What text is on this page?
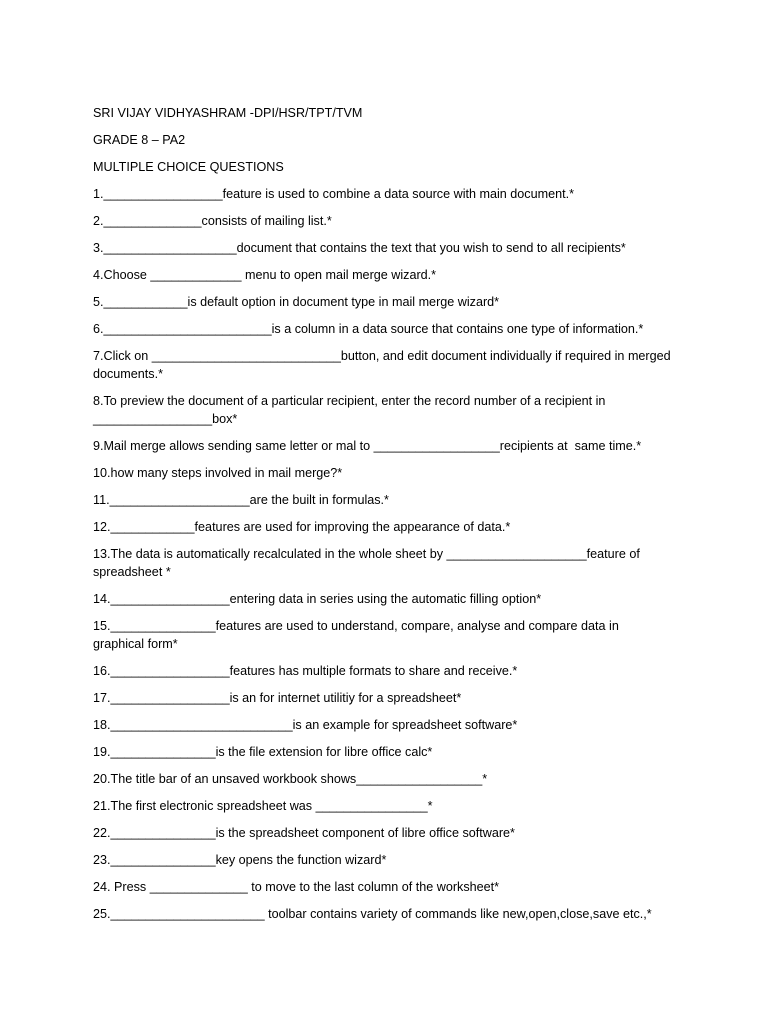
SRI VIJAY VIDHYASHRAM -DPI/HSR/TPT/TVM
GRADE 8 – PA2
MULTIPLE CHOICE QUESTIONS
1._________________feature is used to combine a data source with main document.*
2.______________consists of mailing list.*
3.___________________document that contains the text that you wish to send to all recipients*
4.Choose _____________ menu to open mail merge wizard.*
5.____________is default option in document type in mail merge wizard*
6.________________________is a column in a data source that contains one type of information.*
7.Click on ___________________________button, and edit document individually if required in merged documents.*
8.To preview the document of a particular recipient, enter the record number of a recipient in _________________box*
9.Mail merge allows sending same letter or mal to __________________recipients at  same time.*
10.how many steps involved in mail merge?*
11.____________________are the built in formulas.*
12.____________features are used for improving the appearance of data.*
13.The data is automatically recalculated in the whole sheet by ____________________feature of spreadsheet *
14._________________entering data in series using the automatic filling option*
15._______________features are used to understand, compare, analyse and compare data in graphical form*
16._________________features has multiple formats to share and receive.*
17._________________is an for internet utilitiy for a spreadsheet*
18.__________________________is an example for spreadsheet software*
19._______________is the file extension for libre office calc*
20.The title bar of an unsaved workbook shows__________________*
21.The first electronic spreadsheet was ________________*
22._______________is the spreadsheet component of libre office software*
23._______________key opens the function wizard*
24. Press ______________ to move to the last column of the worksheet*
25.______________________ toolbar contains variety of commands like new,open,close,save etc.,*
